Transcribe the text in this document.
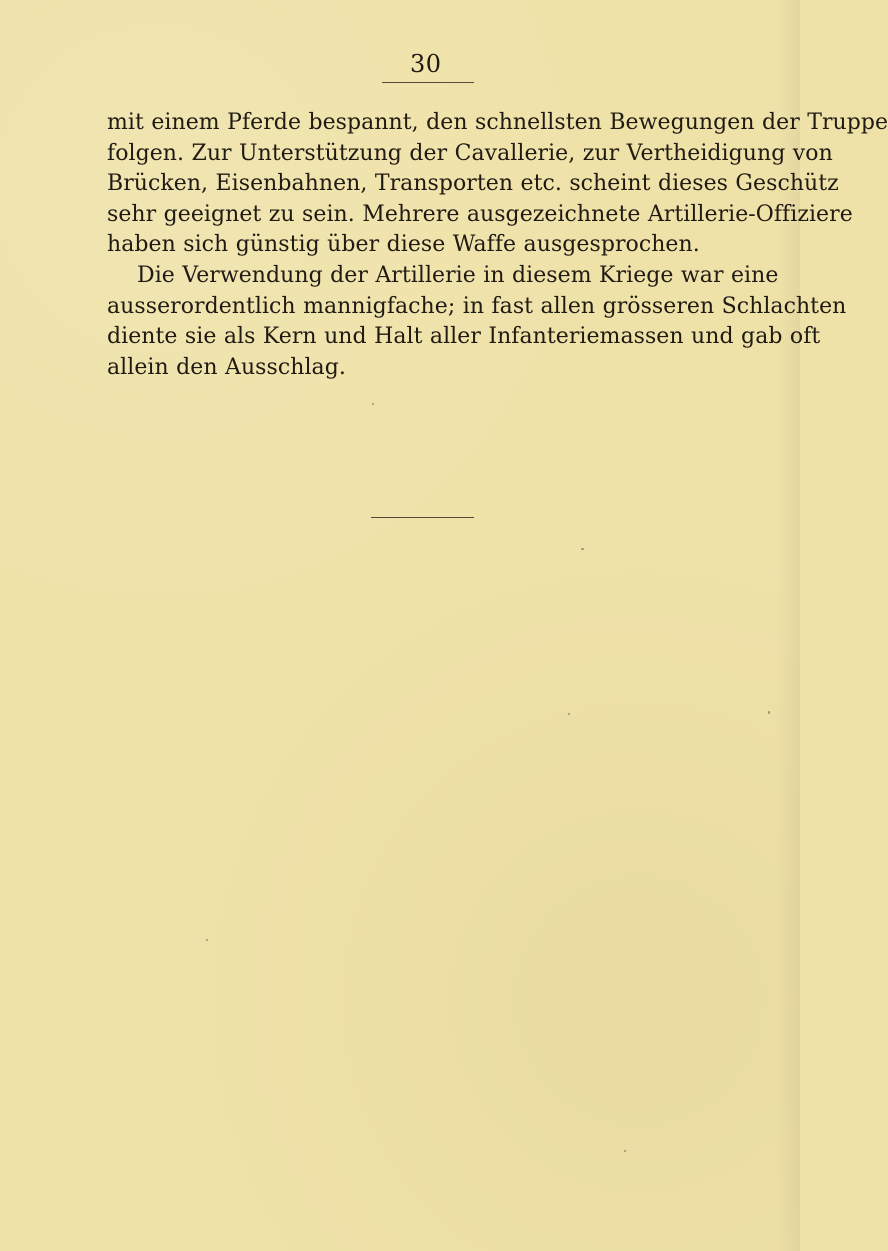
30
mit einem Pferde bespannt, den schnellsten Bewegungen der Truppe
folgen. Zur Unterstützung der Cavallerie, zur Vertheidigung von
Brücken, Eisenbahnen, Transporten etc. scheint dieses Geschütz
sehr geeignet zu sein. Mehrere ausgezeichnete Artillerie-Offiziere
haben sich günstig über diese Waffe ausgesprochen.
Die Verwendung der Artillerie in diesem Kriege war eine
ausserordentlich mannigfache; in fast allen grösseren Schlachten
diente sie als Kern und Halt aller Infanteriemassen und gab oft
allein den Ausschlag.
